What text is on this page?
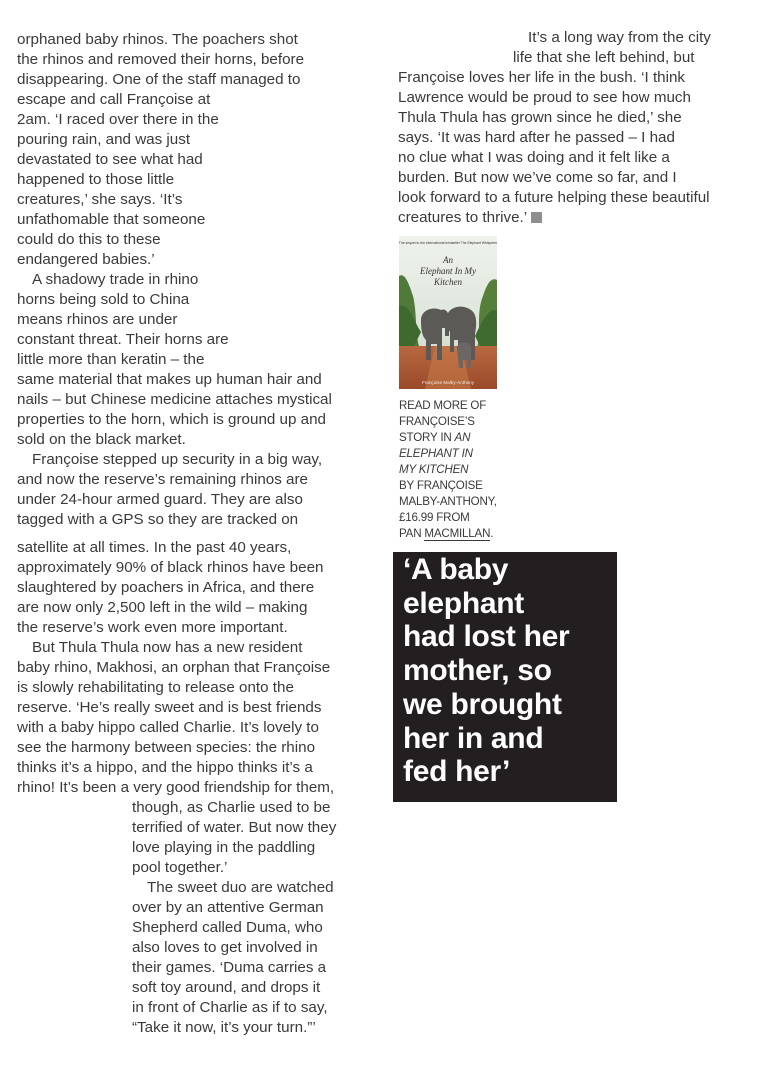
orphaned baby rhinos. The poachers shot
the rhinos and removed their horns, before
disappearing. One of the staff managed to
escape and call Françoise at
2am. ‘I raced over there in the
pouring rain, and was just
devastated to see what had
happened to those little
creatures,’ she says. ‘It’s
unfathomable that someone
could do this to these
endangered babies.’
A shadowy trade in rhino
horns being sold to China
means rhinos are under
constant threat. Their horns are
little more than keratin – the
same material that makes up human hair and
nails – but Chinese medicine attaches mystical
properties to the horn, which is ground up and
sold on the black market.
Françoise stepped up security in a big way,
and now the reserve’s remaining rhinos are
under 24-hour armed guard. They are also
tagged with a GPS so they are tracked on
satellite at all times. In the past 40 years,
approximately 90% of black rhinos have been
slaughtered by poachers in Africa, and there
are now only 2,500 left in the wild – making
the reserve’s work even more important.
But Thula Thula now has a new resident
baby rhino, Makhosi, an orphan that Françoise
is slowly rehabilitating to release onto the
reserve. ‘He’s really sweet and is best friends
with a baby hippo called Charlie. It’s lovely to
see the harmony between species: the rhino
thinks it’s a hippo, and the hippo thinks it’s a
rhino! It’s been a very good friendship for them,
though, as Charlie used to be
terrified of water. But now they
love playing in the paddling
pool together.’
The sweet duo are watched
over by an attentive German
Shepherd called Duma, who
also loves to get involved in
their games. ‘Duma carries a
soft toy around, and drops it
in front of Charlie as if to say,
“Take it now, it’s your turn.”’
It’s a long way from the city
life that she left behind, but
Françoise loves her life in the bush. ‘I think
Lawrence would be proud to see how much
Thula Thula has grown since he died,’ she
says. ‘It was hard after he passed – I had
no clue what I was doing and it felt like a
burden. But now we’ve come so far, and I
look forward to a future helping these beautiful
creatures to thrive.’
The sequel to the international bestseller The Elephant Whisperer
An
Elephant In My
Kitchen
Françoise Malby-Anthony
READ MORE OF
FRANÇOISE’S
STORY IN AN
ELEPHANT IN
MY KITCHEN
BY FRANÇOISE
MALBY-ANTHONY,
£16.99 FROM
PAN MACMILLAN.
‘A baby
elephant
had lost her
mother, so
we brought
her in and
fed her’
